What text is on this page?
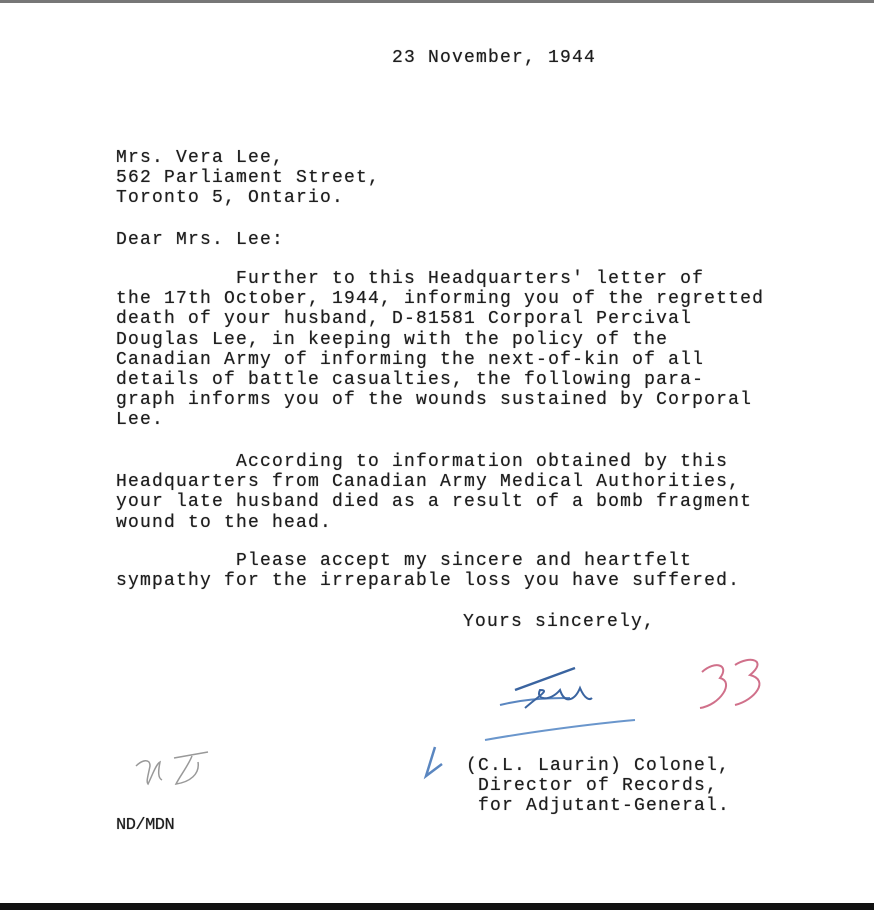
23 November, 1944
Mrs. Vera Lee,
562 Parliament Street,
Toronto 5, Ontario.
Dear Mrs. Lee:
Further to this Headquarters' letter of
the 17th October, 1944, informing you of the regretted
death of your husband, D-81581 Corporal Percival
Douglas Lee, in keeping with the policy of the
Canadian Army of informing the next-of-kin of all
details of battle casualties, the following para-
graph informs you of the wounds sustained by Corporal
Lee.
According to information obtained by this
Headquarters from Canadian Army Medical Authorities,
your late husband died as a result of a bomb fragment
wound to the head.
Please accept my sincere and heartfelt
sympathy for the irreparable loss you have suffered.
Yours sincerely,
(C.L. Laurin) Colonel,
Director of Records,
for Adjutant-General.
ND/MDN
